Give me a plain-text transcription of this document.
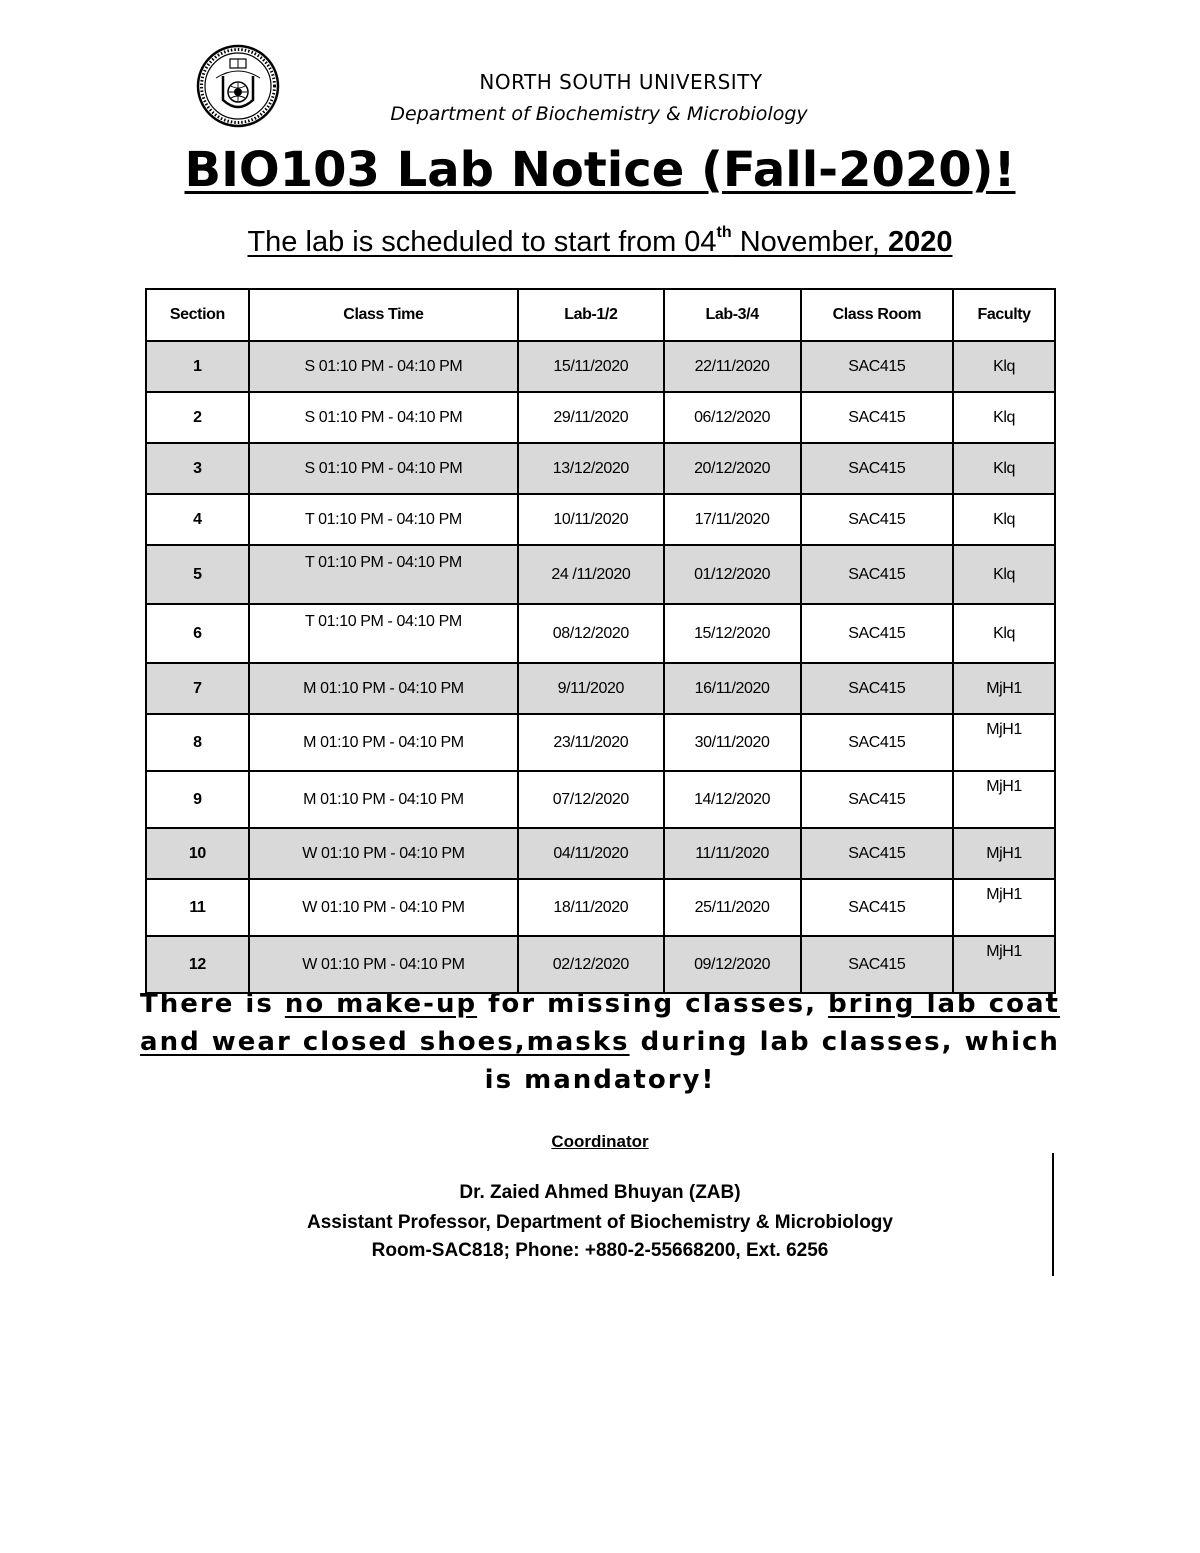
NORTH SOUTH UNIVERSITY
Department of Biochemistry & Microbiology
BIO103 Lab Notice (Fall-2020)!
The lab is scheduled to start from 04th November, 2020
Section	Class Time	Lab-1/2	Lab-3/4	Class Room	Faculty
1	S 01:10 PM - 04:10 PM	15/11/2020	22/11/2020	SAC415	Klq
2	S 01:10 PM - 04:10 PM	29/11/2020	06/12/2020	SAC415	Klq
3	S 01:10 PM - 04:10 PM	13/12/2020	20/12/2020	SAC415	Klq
4	T 01:10 PM - 04:10 PM	10/11/2020	17/11/2020	SAC415	Klq
5	T 01:10 PM - 04:10 PM	24 /11/2020	01/12/2020	SAC415	Klq
6	T 01:10 PM - 04:10 PM	08/12/2020	15/12/2020	SAC415	Klq
7	M 01:10 PM - 04:10 PM	9/11/2020	16/11/2020	SAC415	MjH1
8	M 01:10 PM - 04:10 PM	23/11/2020	30/11/2020	SAC415	MjH1
9	M 01:10 PM - 04:10 PM	07/12/2020	14/12/2020	SAC415	MjH1
10	W 01:10 PM - 04:10 PM	04/11/2020	11/11/2020	SAC415	MjH1
11	W 01:10 PM - 04:10 PM	18/11/2020	25/11/2020	SAC415	MjH1
12	W 01:10 PM - 04:10 PM	02/12/2020	09/12/2020	SAC415	MjH1
There is no make-up for missing classes, bring lab coat and wear closed shoes,masks during lab classes, which is mandatory!
Coordinator
Dr. Zaied Ahmed Bhuyan (ZAB)
Assistant Professor, Department of Biochemistry & Microbiology
Room-SAC818; Phone: +880-2-55668200, Ext. 6256
